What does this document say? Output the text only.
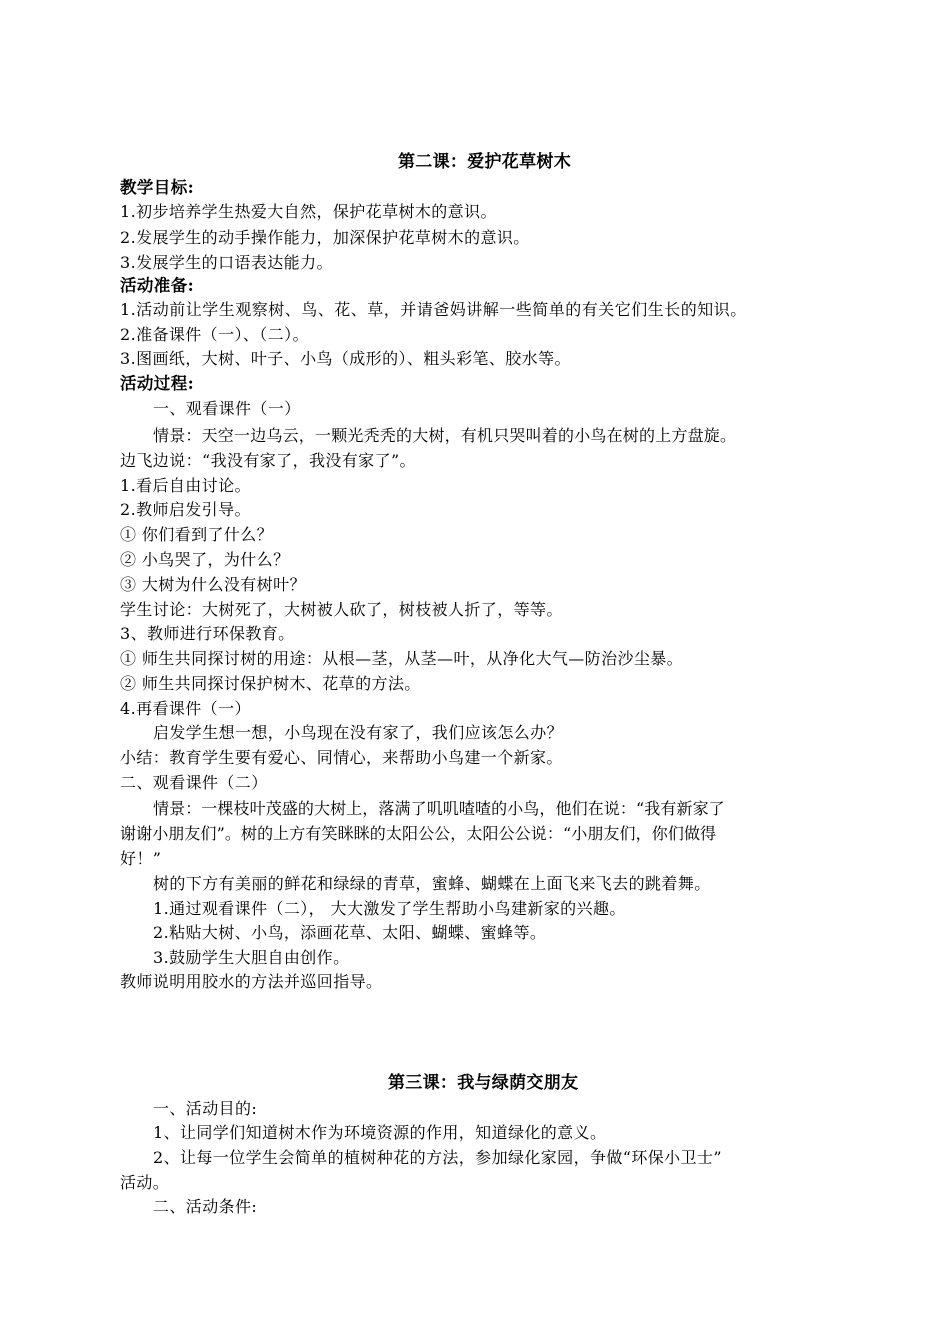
第二课：爱护花草树木
教学目标:
1.初步培养学生热爱大自然，保护花草树木的意识。
2.发展学生的动手操作能力，加深保护花草树木的意识。
3.发展学生的口语表达能力。
活动准备:
1.活动前让学生观察树、鸟、花、草，并请爸妈讲解一些简单的有关它们生长的知识。
2.准备课件（一）、（二）。
3.图画纸，大树、叶子、小鸟（成形的）、粗头彩笔、胶水等。
活动过程:
一、观看课件（一）
情景：天空一边乌云，一颗光秃秃的大树，有机只哭叫着的小鸟在树的上方盘旋。
边飞边说：“我没有家了，我没有家了”。
1.看后自由讨论。
2.教师启发引导。
① 你们看到了什么？
② 小鸟哭了，为什么？
③ 大树为什么没有树叶？
学生讨论：大树死了，大树被人砍了，树枝被人折了，等等。
3、教师进行环保教育。
① 师生共同探讨树的用途：从根—茎，从茎—叶，从净化大气—防治沙尘暴。
② 师生共同探讨保护树木、花草的方法。
4.再看课件（一）
启发学生想一想，小鸟现在没有家了，我们应该怎么办？
小结：教育学生要有爱心、同情心，来帮助小鸟建一个新家。
二、观看课件（二）
情景：一棵枝叶茂盛的大树上，落满了叽叽喳喳的小鸟，他们在说：“我有新家了
谢谢小朋友们”。树的上方有笑眯眯的太阳公公，太阳公公说：“小朋友们，你们做得
好！”
树的下方有美丽的鲜花和绿绿的青草，蜜蜂、蝴蝶在上面飞来飞去的跳着舞。
1.通过观看课件（二）， 大大激发了学生帮助小鸟建新家的兴趣。
2.粘贴大树、小鸟，添画花草、太阳、蝴蝶、蜜蜂等。
3.鼓励学生大胆自由创作。
教师说明用胶水的方法并巡回指导。
第三课：我与绿荫交朋友
一、活动目的:
1、让同学们知道树木作为环境资源的作用，知道绿化的意义。
2、让每一位学生会简单的植树种花的方法，参加绿化家园，争做“环保小卫士”
活动。
二、活动条件:
